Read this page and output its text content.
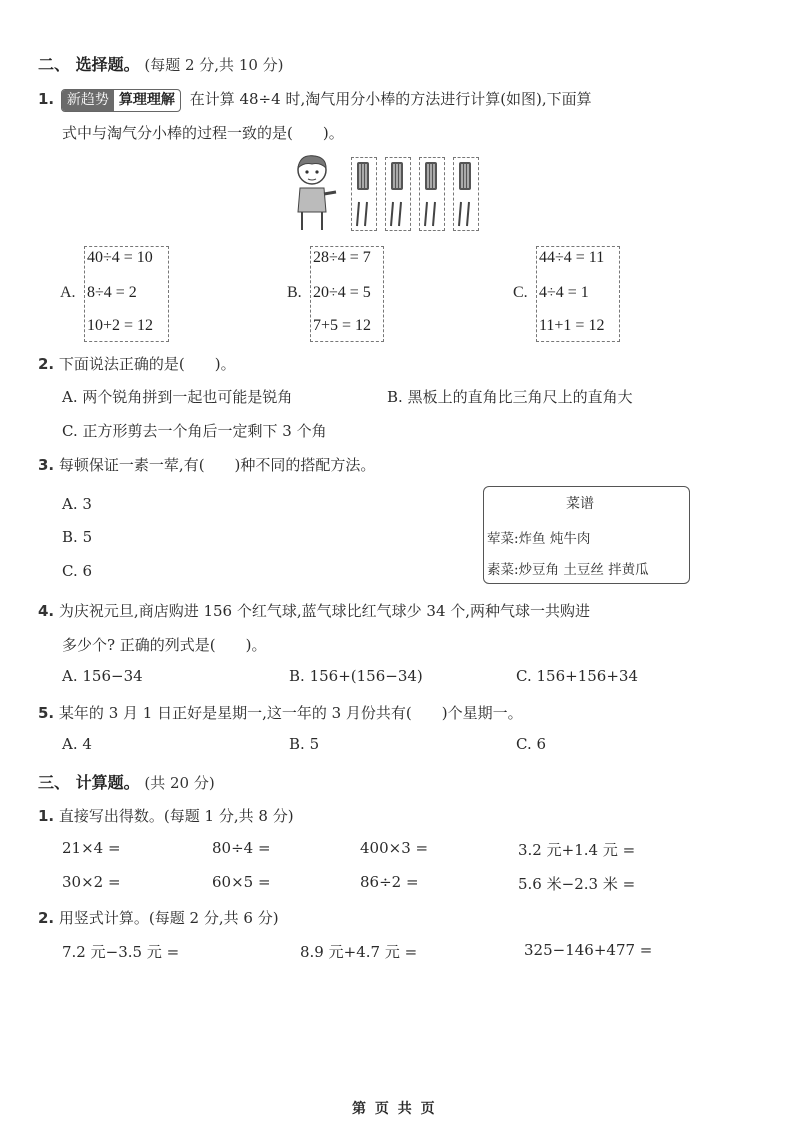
二、 选择题。 (每题 2 分,共 10 分)
1. 新趋势 算理理解 在计算 48÷4 时,淘气用分小棒的方法进行计算(如图),下面算
式中与淘气分小棒的过程一致的是(　　)。
A.
40÷4 = 10
8÷4 = 2
10+2 = 12
B.
28÷4 = 7
20÷4 = 5
7+5 = 12
C.
44÷4 = 11
4÷4 = 1
11+1 = 12
2. 下面说法正确的是(　　)。
A. 两个锐角拼到一起也可能是锐角	B. 黑板上的直角比三角尺上的直角大
C. 正方形剪去一个角后一定剩下 3 个角
3. 每顿保证一素一荤,有(　　)种不同的搭配方法。
A. 3
B. 5
C. 6
菜谱
荤菜:炸鱼 炖牛肉
素菜:炒豆角 土豆丝 拌黄瓜
4. 为庆祝元旦,商店购进 156 个红气球,蓝气球比红气球少 34 个,两种气球一共购进
多少个? 正确的列式是(　　)。
A. 156−34	B. 156+(156−34)	C. 156+156+34
5. 某年的 3 月 1 日正好是星期一,这一年的 3 月份共有(　　)个星期一。
A. 4	B. 5	C. 6
三、 计算题。 (共 20 分)
1. 直接写出得数。(每题 1 分,共 8 分)
21×4 =	80÷4 =	400×3 =	3.2 元+1.4 元 =
30×2 =	60×5 =	86÷2 =	5.6 米−2.3 米 =
2. 用竖式计算。(每题 2 分,共 6 分)
7.2 元−3.5 元 =	8.9 元+4.7 元 =	325−146+477 =
第 页 共 页
